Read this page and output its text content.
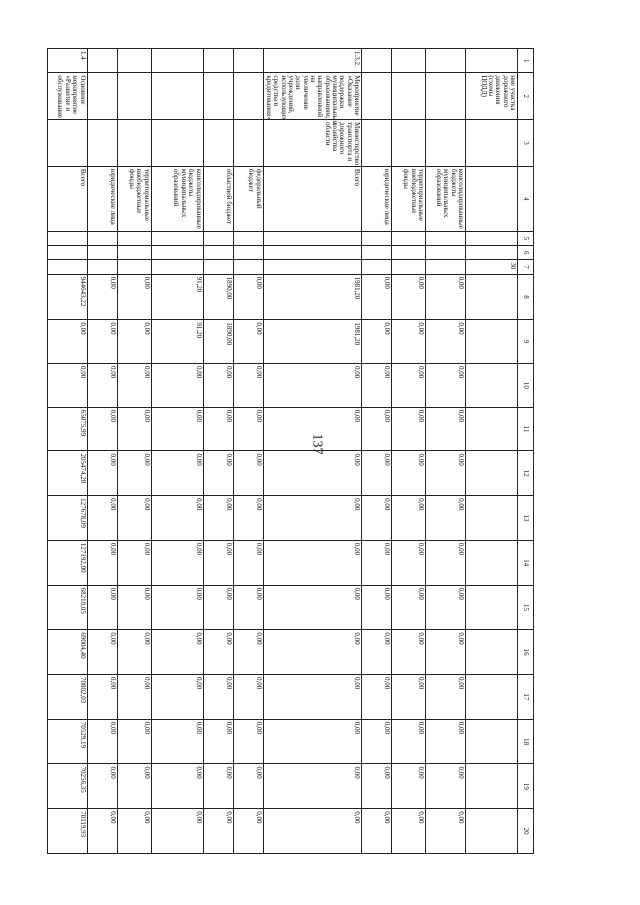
137
1	2	3	4	5	6	7	8	9	10	11	12	13	14	15	16	17	18	19	20
	ние участка дорожного движения (схемы ЦОДД)					30													
			консолидированные бюджеты муниципальных образований				0,00	0,00	0,00	0,00	0,00	0,00	0,00	0,00	0,00	0,00	0,00	0,00	0,00
			территориальные внебюджетные фонды				0,00	0,00	0,00	0,00	0,00	0,00	0,00	0,00	0,00	0,00	0,00	0,00	0,00
			юридические лица				0,00	0,00	0,00	0,00	0,00	0,00	0,00	0,00	0,00	0,00	0,00	0,00	0,00
1.3.2.	Мероприятие «Оказание поддержки муниципальным образованиям, направленной на увеличение доли учреждений, использующих средства в кредитования»	Министерство транспорта и дорожного хозяйства области	Всего				1981,20	1981,20	0,00	0,00	0,00	0,00	0,00	0,00	0,00	0,00	0,00	0,00	0,00
			федеральный бюджет				0,00	0,00	0,00	0,00	0,00	0,00	0,00	0,00	0,00	0,00	0,00	0,00	0,00
			областной бюджет				1890,00	1890,00	0,00	0,00	0,00	0,00	0,00	0,00	0,00	0,00	0,00	0,00	0,00
			консолидированные бюджеты муниципальных образований				91,20	91,20	0,00	0,00	0,00	0,00	0,00	0,00	0,00	0,00	0,00	0,00	0,00
			территориальные внебюджетные фонды				0,00	0,00	0,00	0,00	0,00	0,00	0,00	0,00	0,00	0,00	0,00	0,00	0,00
			юридические лица				0,00	0,00	0,00	0,00	0,00	0,00	0,00	0,00	0,00	0,00	0,00	0,00	0,00
1.4	Основное мероприятие «Развитие и обслуживание		Всего				944643,22	0,00	0,00	65075,99	205474,28	127678,09	127192,00	68210,05	69004,40	70802,03	70529,19	70256,35	70119,93
